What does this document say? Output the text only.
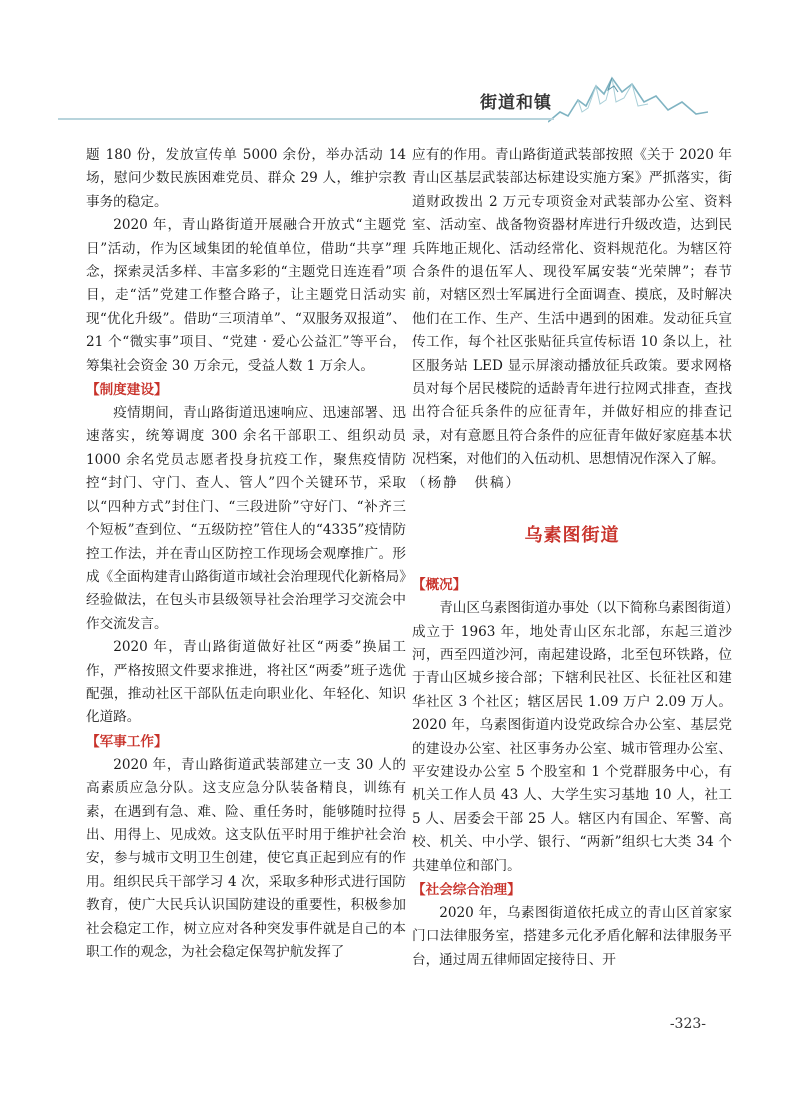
街道和镇

题 180 份，发放宣传单 5000 余份，举办活动 14 场，慰问少数民族困难党员、群众 29 人，维护宗教事务的稳定。

2020 年，青山路街道开展融合开放式“主题党日”活动，作为区域集团的轮值单位，借助“共享”理念，探索灵活多样、丰富多彩的“主题党日连连看”项目，走“活”党建工作整合路子，让主题党日活动实现“优化升级”。借助“三项清单”、“双服务双报道”、21 个“微实事”项目、“党建 · 爱心公益汇”等平台，筹集社会资金 30 万余元，受益人数 1 万余人。

【制度建设】

疫情期间，青山路街道迅速响应、迅速部署、迅速落实，统筹调度 300 余名干部职工、组织动员 1000 余名党员志愿者投身抗疫工作，聚焦疫情防控“封门、守门、查人、管人”四个关键环节，采取以“四种方式”封住门、“三段进阶”守好门、“补齐三个短板”查到位、“五级防控”管住人的“4335”疫情防控工作法，并在青山区防控工作现场会观摩推广。形成《全面构建青山路街道市域社会治理现代化新格局》经验做法，在包头市县级领导社会治理学习交流会中作交流发言。

2020 年，青山路街道做好社区“两委”换届工作，严格按照文件要求推进，将社区“两委”班子选优配强，推动社区干部队伍走向职业化、年轻化、知识化道路。

【军事工作】

2020 年，青山路街道武装部建立一支 30 人的高素质应急分队。这支应急分队装备精良，训练有素，在遇到有急、难、险、重任务时，能够随时拉得出、用得上、见成效。这支队伍平时用于维护社会治安，参与城市文明卫生创建，使它真正起到应有的作用。组织民兵干部学习 4 次，采取多种形式进行国防教育，使广大民兵认识国防建设的重要性，积极参加社会稳定工作，树立应对各种突发事件就是自己的本职工作的观念，为社会稳定保驾护航发挥了

应有的作用。青山路街道武装部按照《关于 2020 年青山区基层武装部达标建设实施方案》严抓落实，街道财政拨出 2 万元专项资金对武装部办公室、资料室、活动室、战备物资器材库进行升级改造，达到民兵阵地正规化、活动经常化、资料规范化。为辖区符合条件的退伍军人、现役军属安装“光荣牌”；春节前，对辖区烈士军属进行全面调查、摸底，及时解决他们在工作、生产、生活中遇到的困难。发动征兵宣传工作，每个社区张贴征兵宣传标语 10 条以上，社区服务站 LED 显示屏滚动播放征兵政策。要求网格员对每个居民楼院的适龄青年进行拉网式排查，查找出符合征兵条件的应征青年，并做好相应的排查记录，对有意愿且符合条件的应征青年做好家庭基本状况档案，对他们的入伍动机、思想情况作深入了解。

（杨静　供稿）

乌素图街道

【概况】

青山区乌素图街道办事处（以下简称乌素图街道）成立于 1963 年，地处青山区东北部，东起三道沙河，西至四道沙河，南起建设路，北至包环铁路，位于青山区城乡接合部；下辖利民社区、长征社区和建华社区 3 个社区；辖区居民 1.09 万户 2.09 万人。2020 年，乌素图街道内设党政综合办公室、基层党的建设办公室、社区事务办公室、城市管理办公室、平安建设办公室 5 个股室和 1 个党群服务中心，有机关工作人员 43 人、大学生实习基地 10 人，社工 5 人、居委会干部 25 人。辖区内有国企、军警、高校、机关、中小学、银行、“两新”组织七大类 34 个共建单位和部门。

【社会综合治理】

2020 年，乌素图街道依托成立的青山区首家家门口法律服务室，搭建多元化矛盾化解和法律服务平台，通过周五律师固定接待日、开

-323-
